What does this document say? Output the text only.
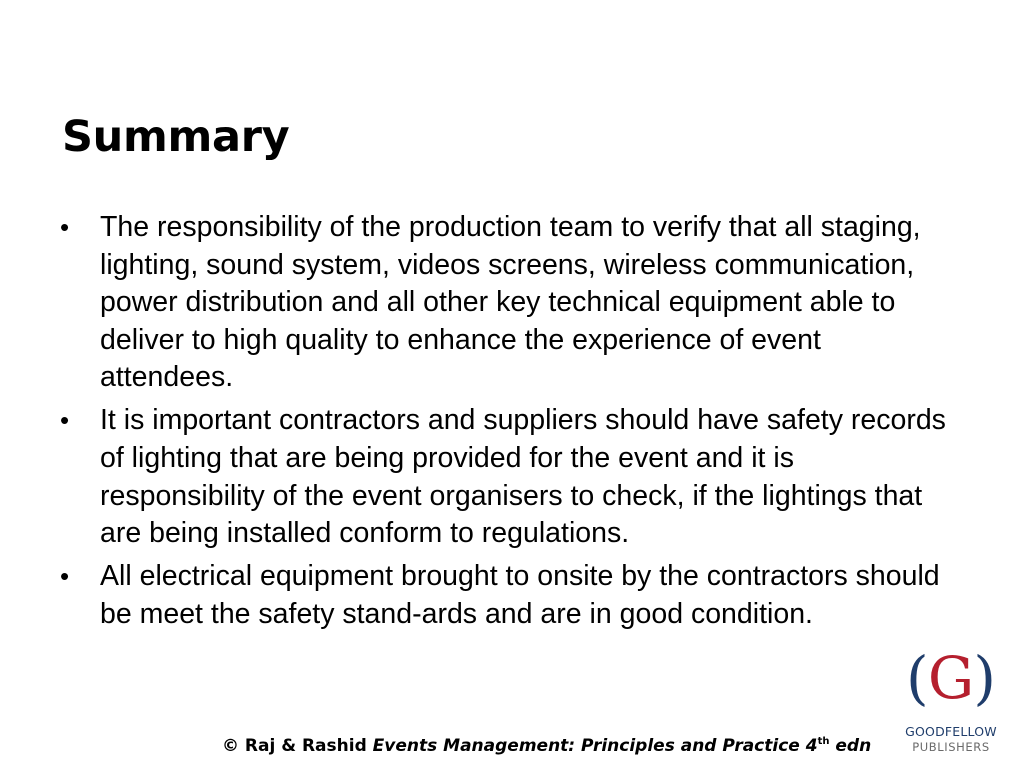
Summary
• The responsibility of the production team to verify that all staging, lighting, sound system, videos screens, wireless communication, power distribution and all other key technical equipment able to deliver to high quality to enhance the experience of event attendees.
• It is important contractors and suppliers should have safety records of lighting that are being provided for the event and it is responsibility of the event organisers to check, if the lightings that are being installed conform to regulations.
• All electrical equipment brought to onsite by the contractors should be meet the safety stand-ards and are in good condition.
© Raj & Rashid Events Management: Principles and Practice 4th edn
( G )
GOODFELLOW
PUBLISHERS
